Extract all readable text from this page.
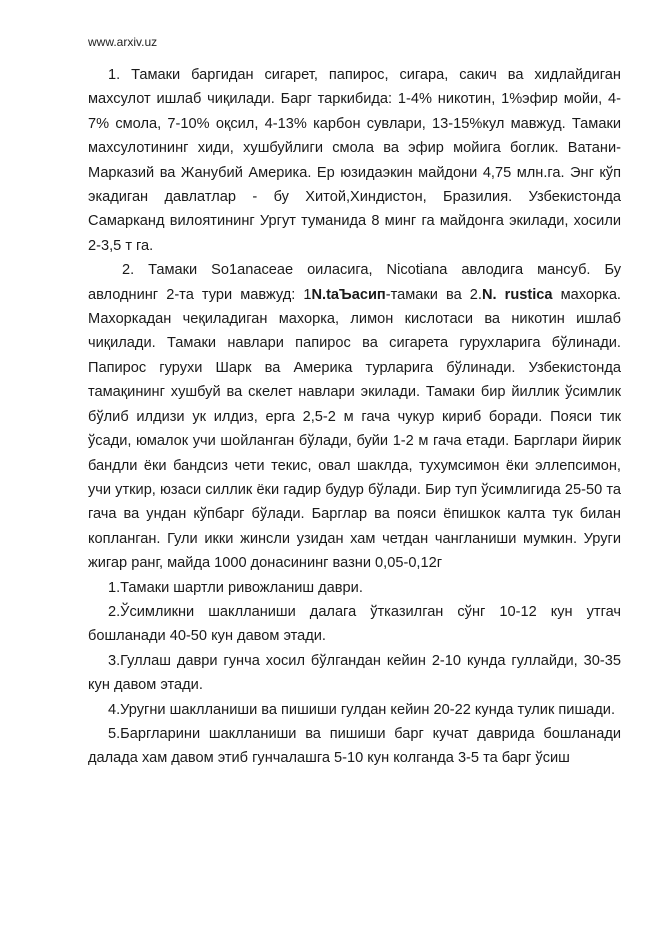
www.arxiv.uz

1. Тамаки баргидан сигарет, папирос, сигара, сакич ва хидлайдиган махсулот ишлаб чиқилади. Барг таркибида: 1-4% никотин, 1%эфир мойи, 4-7% смола, 7-10% оқсил, 4-13% карбон сувлари, 13-15%кул мавжуд. Тамаки махсулотининг хиди, хушбуйлиги смола ва эфир мойига боглик. Ватани-Марказий ва Жанубий Америка. Ер юзидаэкин майдони 4,75 млн.га. Энг кўп экадиган давлатлар - бу Хитой,Хиндистон, Бразилия. Узбекистонда Самарканд вилоятининг Ургут туманида 8 минг га майдонга экилади, хосили 2-3,5 т га.

2. Тамаки Ѕо1anaceae оиласига, Nicotiana авлодига мансуб. Бу авлоднинг 2-та тури мавжуд: 1N.taЪacип-тамаки ва 2.N. rustica махорка. Махоркадан чеқиладиган махорка, лимон кислотаси ва никотин ишлаб чиқилади. Тамаки навлари папирос ва сигарета гурухларига бўлинади. Папирос гурухи Шарк ва Америка турларига бўлинади. Узбекистонда тамақининг хушбуй ва скелет навлари экилади. Тамаки бир йиллик ўсимлик бўлиб илдизи ук илдиз, ерга 2,5-2 м гача чукур кириб боради. Пояси тик ўсади, юмалок учи шойланган бўлади, буйи 1-2 м гача етади. Барглари йирик бандли ёки бандсиз чети текис, овал шаклда, тухумсимон ёки эллепсимон, учи уткир, юзаси силлик ёки гадир будур бўлади. Бир туп ўсимлигида 25-50 та гача ва ундан кўпбарг бўлади. Барглар ва пояси ёпишкок калта тук билан копланган. Гули икки жинсли узидан хам четдан чангланиши мумкин. Уруги жигар ранг, майда 1000 донасининг вазни 0,05-0,12г

1.Тамаки шартли ривожланиш даври.

2.Ўсимликни шаклланиши далага ўтказилган сўнг 10-12 кун утгач бошланади 40-50 кун давом этади.

3.Гуллаш даври гунча хосил бўлгандан кейин 2-10 кунда гуллайди, 30-35 кун давом этади.

4.Уругни шаклланиши ва пишиши гулдан кейин 20-22 кунда тулик пишади.

5.Баргларини шаклланиши ва пишиши барг кучат даврида бошланади далада хам давом этиб гунчалашга 5-10 кун колганда 3-5 та барг ўсиш
